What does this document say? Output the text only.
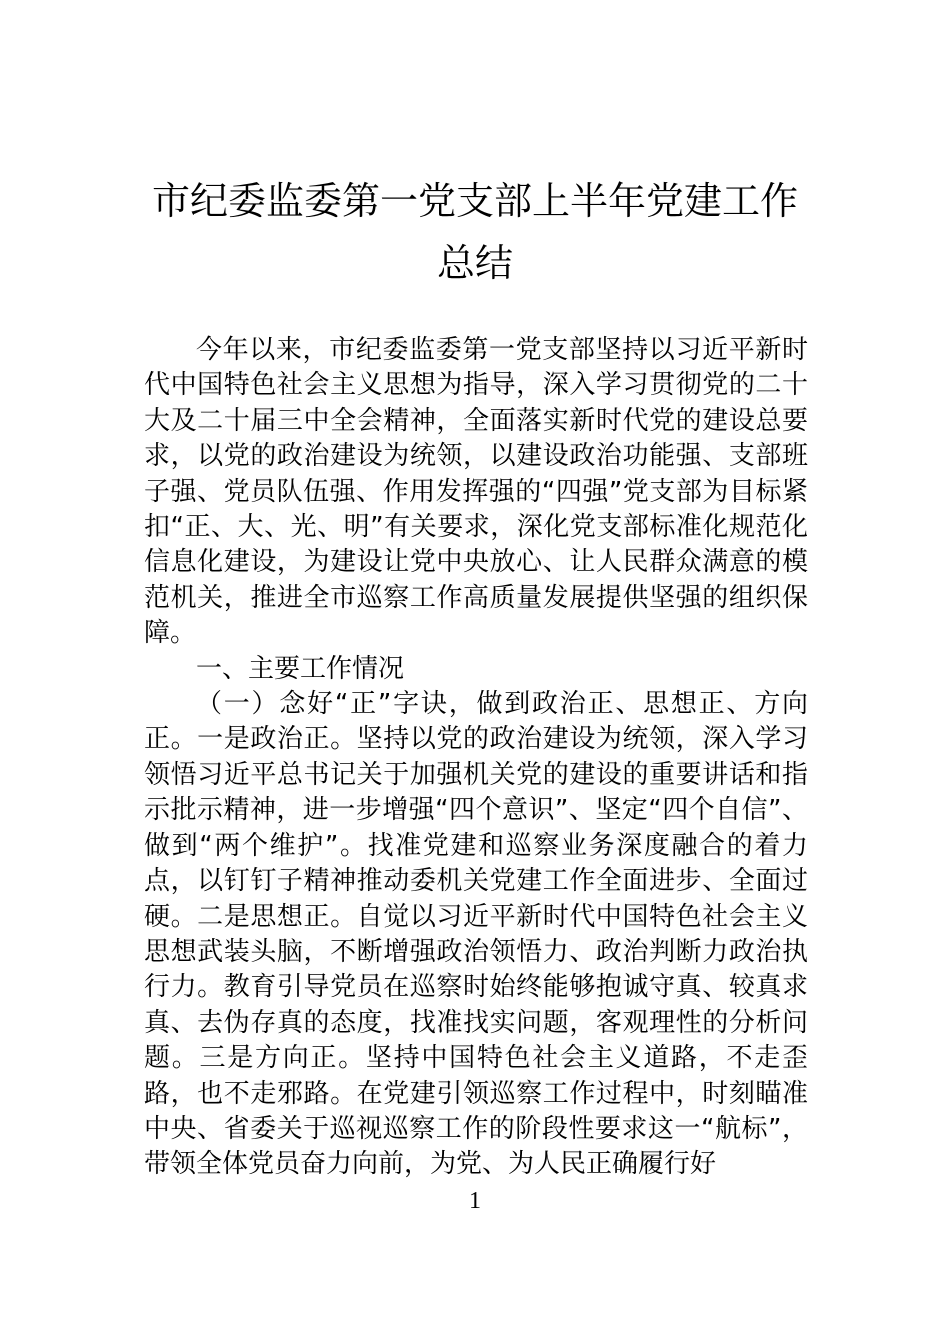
市纪委监委第一党支部上半年党建工作总结

今年以来，市纪委监委第一党支部坚持以习近平新时代中国特色社会主义思想为指导，深入学习贯彻党的二十大及二十届三中全会精神，全面落实新时代党的建设总要求，以党的政治建设为统领，以建设政治功能强、支部班子强、党员队伍强、作用发挥强的“四强”党支部为目标紧扣“正、大、光、明”有关要求，深化党支部标准化规范化信息化建设，为建设让党中央放心、让人民群众满意的模范机关，推进全市巡察工作高质量发展提供坚强的组织保障。

一、主要工作情况

（一）念好“正”字诀，做到政治正、思想正、方向正。一是政治正。坚持以党的政治建设为统领，深入学习领悟习近平总书记关于加强机关党的建设的重要讲话和指示批示精神，进一步增强“四个意识”、坚定“四个自信”、做到“两个维护”。找准党建和巡察业务深度融合的着力点，以钉钉子精神推动委机关党建工作全面进步、全面过硬。二是思想正。自觉以习近平新时代中国特色社会主义思想武装头脑，不断增强政治领悟力、政治判断力政治执行力。教育引导党员在巡察时始终能够抱诚守真、较真求真、去伪存真的态度，找准找实问题，客观理性的分析问题。三是方向正。坚持中国特色社会主义道路，不走歪路，也不走邪路。在党建引领巡察工作过程中，时刻瞄准中央、省委关于巡视巡察工作的阶段性要求这一“航标”，带领全体党员奋力向前，为党、为人民正确履行好

1
